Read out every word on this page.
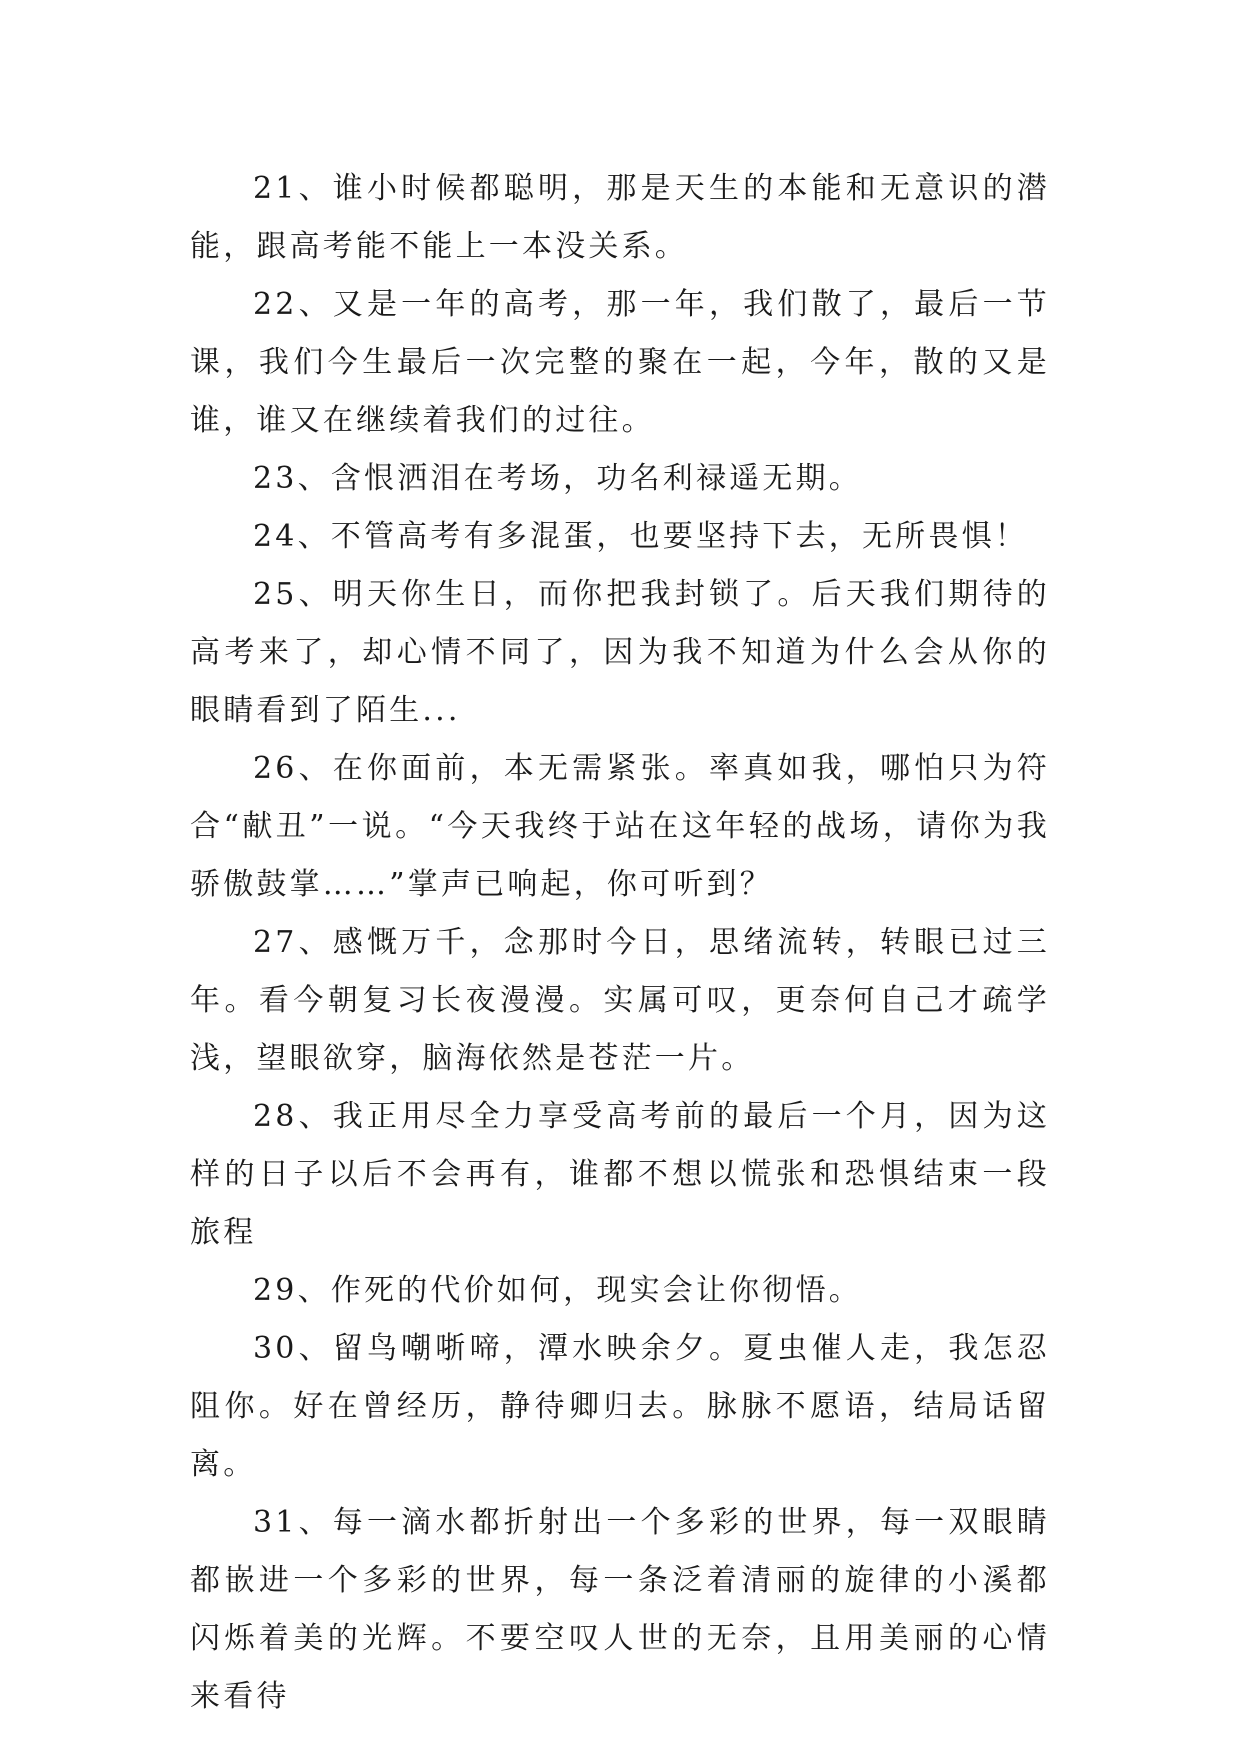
21、谁小时候都聪明，那是天生的本能和无意识的潜能，跟高考能不能上一本没关系。

22、又是一年的高考，那一年，我们散了，最后一节课，我们今生最后一次完整的聚在一起，今年，散的又是谁，谁又在继续着我们的过往。

23、含恨洒泪在考场，功名利禄遥无期。

24、不管高考有多混蛋，也要坚持下去，无所畏惧！

25、明天你生日，而你把我封锁了。后天我们期待的高考来了，却心情不同了，因为我不知道为什么会从你的眼睛看到了陌生...

26、在你面前，本无需紧张。率真如我，哪怕只为符合“献丑”一说。“今天我终于站在这年轻的战场，请你为我骄傲鼓掌……”掌声已响起，你可听到？

27、感慨万千，念那时今日，思绪流转，转眼已过三年。看今朝复习长夜漫漫。实属可叹，更奈何自己才疏学浅，望眼欲穿，脑海依然是苍茫一片。

28、我正用尽全力享受高考前的最后一个月，因为这样的日子以后不会再有，谁都不想以慌张和恐惧结束一段旅程

29、作死的代价如何，现实会让你彻悟。

30、留鸟嘲哳啼，潭水映余夕。夏虫催人走，我怎忍阻你。好在曾经历，静待卿归去。脉脉不愿语，结局话留离。

31、每一滴水都折射出一个多彩的世界，每一双眼睛都嵌进一个多彩的世界，每一条泛着清丽的旋律的小溪都闪烁着美的光辉。不要空叹人世的无奈，且用美丽的心情来看待
